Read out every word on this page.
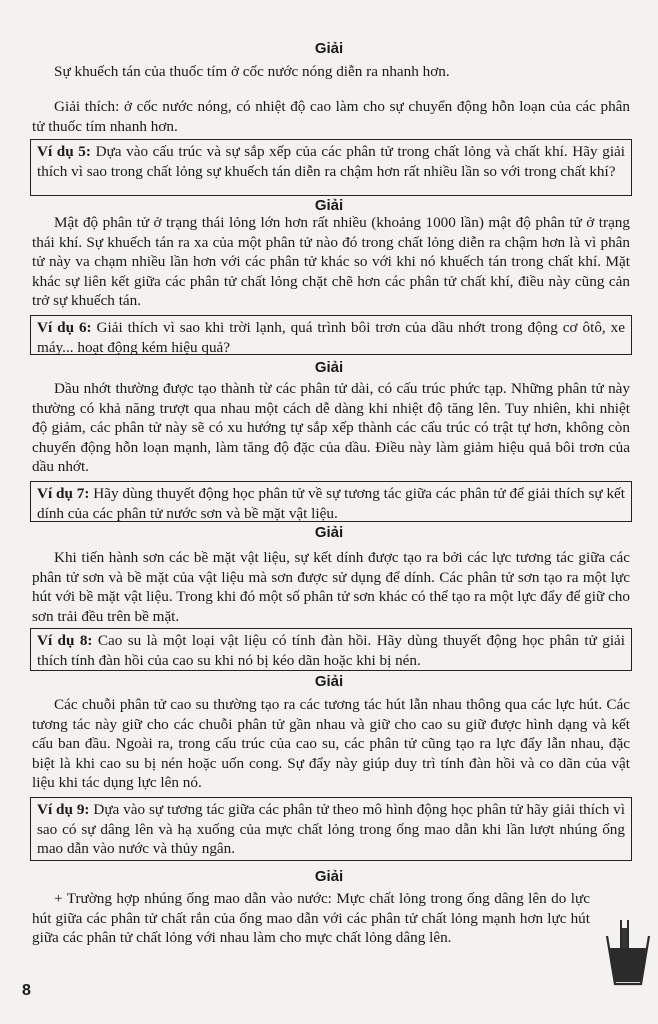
Giải

Sự khuếch tán của thuốc tím ở cốc nước nóng diễn ra nhanh hơn.

Giải thích: ở cốc nước nóng, có nhiệt độ cao làm cho sự chuyển động hỗn loạn của các phân tử thuốc tím nhanh hơn.

Ví dụ 5: Dựa vào cấu trúc và sự sắp xếp của các phân tử trong chất lỏng và chất khí. Hãy giải thích vì sao trong chất lỏng sự khuếch tán diễn ra chậm hơn rất nhiều lần so với trong chất khí?
Giải

Mật độ phân tử ở trạng thái lỏng lớn hơn rất nhiều (khoảng 1000 lần) mật độ phân tử ở trạng thái khí. Sự khuếch tán ra xa của một phân tử nào đó trong chất lỏng diễn ra chậm hơn là vì phân tử này va chạm nhiều lần hơn với các phân tử khác so với khi nó khuếch tán trong chất khí. Mặt khác sự liên kết giữa các phân tử chất lỏng chặt chẽ hơn các phân tử chất khí, điều này cũng cản trở sự khuếch tán.

Ví dụ 6: Giải thích vì sao khi trời lạnh, quá trình bôi trơn của dầu nhớt trong động cơ ôtô, xe máy... hoạt động kém hiệu quả?
Giải

Dầu nhớt thường được tạo thành từ các phân tử dài, có cấu trúc phức tạp. Những phân tử này thường có khả năng trượt qua nhau một cách dễ dàng khi nhiệt độ tăng lên. Tuy nhiên, khi nhiệt độ giảm, các phân tử này sẽ có xu hướng tự sắp xếp thành các cấu trúc có trật tự hơn, không còn chuyển động hỗn loạn mạnh, làm tăng độ đặc của dầu. Điều này làm giảm hiệu quả bôi trơn của dầu nhớt.

Ví dụ 7: Hãy dùng thuyết động học phân tử về sự tương tác giữa các phân tử để giải thích sự kết dính của các phân tử nước sơn và bề mặt vật liệu.
Giải

Khi tiến hành sơn các bề mặt vật liệu, sự kết dính được tạo ra bởi các lực tương tác giữa các phân tử sơn và bề mặt của vật liệu mà sơn được sử dụng để dính. Các phân tử sơn tạo ra một lực hút với bề mặt vật liệu. Trong khi đó một số phân tử sơn khác có thể tạo ra một lực đẩy để giữ cho sơn trải đều trên bề mặt.

Ví dụ 8: Cao su là một loại vật liệu có tính đàn hồi. Hãy dùng thuyết động học phân tử giải thích tính đàn hồi của cao su khi nó bị kéo dãn hoặc khi bị nén.
Giải

Các chuỗi phân tử cao su thường tạo ra các tương tác hút lẫn nhau thông qua các lực hút. Các tương tác này giữ cho các chuỗi phân tử gần nhau và giữ cho cao su giữ được hình dạng và kết cấu ban đầu. Ngoài ra, trong cấu trúc của cao su, các phân tử cũng tạo ra lực đẩy lẫn nhau, đặc biệt là khi cao su bị nén hoặc uốn cong. Sự đẩy này giúp duy trì tính đàn hồi và co dãn của vật liệu khi tác dụng lực lên nó.

Ví dụ 9: Dựa vào sự tương tác giữa các phân tử theo mô hình động học phân tử hãy giải thích vì sao có sự dâng lên và hạ xuống của mực chất lỏng trong ống mao dẫn khi lần lượt nhúng ống mao dẫn vào nước và thủy ngân.
Giải

+ Trường hợp nhúng ống mao dẫn vào nước: Mực chất lỏng trong ống dâng lên do lực hút giữa các phân tử chất rắn của ống mao dẫn với các phân tử chất lỏng mạnh hơn lực hút giữa các phân tử chất lỏng với nhau làm cho mực chất lỏng dâng lên.

8
